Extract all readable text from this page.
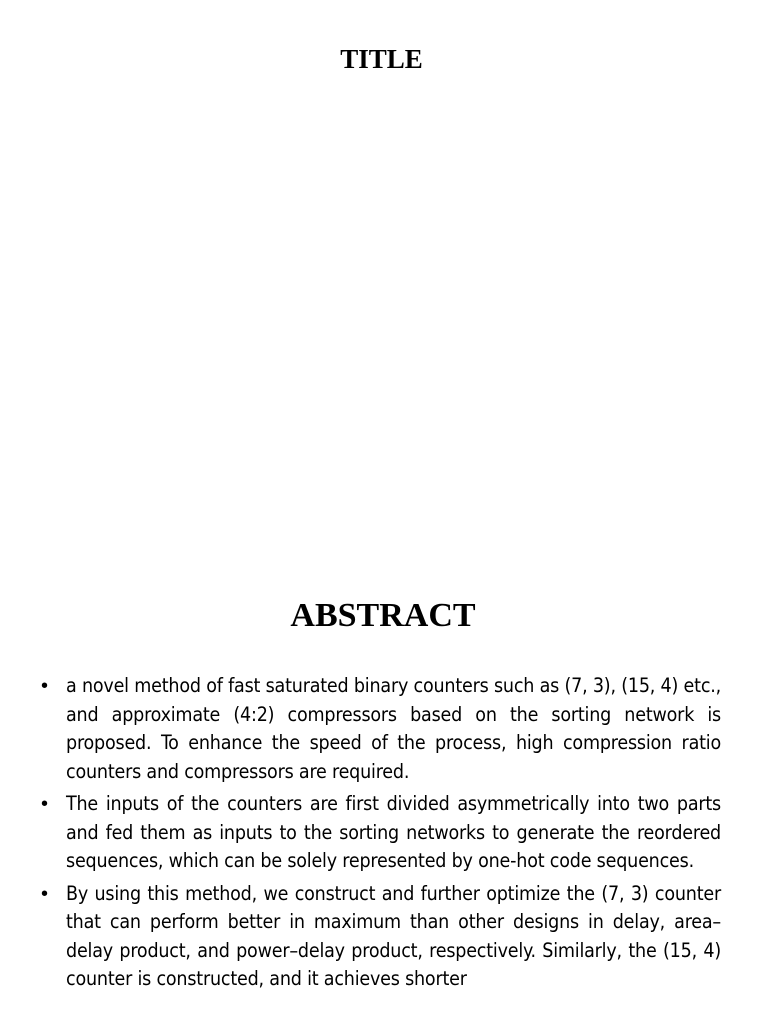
TITLE
ABSTRACT
• a novel method of fast saturated binary counters such as (7, 3), (15, 4) etc., and approximate (4:2) compressors based on the sorting network is proposed. To enhance the speed of the process, high compression ratio counters and compressors are required.
• The inputs of the counters are first divided asymmetrically into two parts and fed them as inputs to the sorting networks to generate the reordered sequences, which can be solely represented by one-hot code sequences.
• By using this method, we construct and further optimize the (7, 3) counter that can perform better in maximum than other designs in delay, area– delay product, and power–delay product, respectively. Similarly, the (15, 4) counter is constructed, and it achieves shorter
